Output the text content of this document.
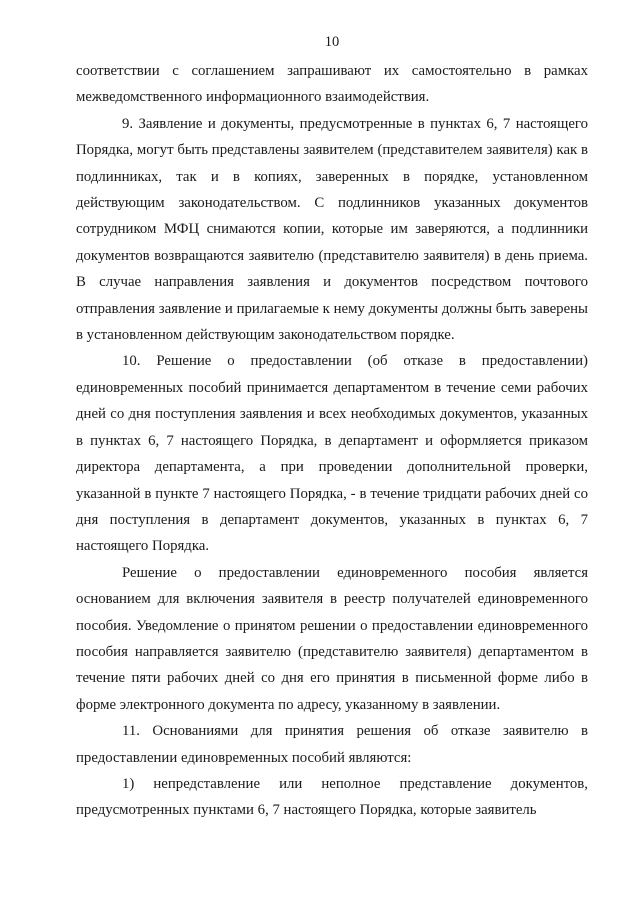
10

соответствии с соглашением запрашивают их самостоятельно в рамках межведомственного информационного взаимодействия.

9. Заявление и документы, предусмотренные в пунктах 6, 7 настоящего Порядка, могут быть представлены заявителем (представителем заявителя) как в подлинниках, так и в копиях, заверенных в порядке, установленном действующим законодательством. С подлинников указанных документов сотрудником МФЦ снимаются копии, которые им заверяются, а подлинники документов возвращаются заявителю (представителю заявителя) в день приема. В случае направления заявления и документов посредством почтового отправления заявление и прилагаемые к нему документы должны быть заверены в установленном действующим законодательством порядке.

10. Решение о предоставлении (об отказе в предоставлении) единовременных пособий принимается департаментом в течение семи рабочих дней со дня поступления заявления и всех необходимых документов, указанных в пунктах 6, 7 настоящего Порядка, в департамент и оформляется приказом директора департамента, а при проведении дополнительной проверки, указанной в пункте 7 настоящего Порядка, - в течение тридцати рабочих дней со дня поступления в департамент документов, указанных в пунктах 6, 7 настоящего Порядка.

Решение о предоставлении единовременного пособия является основанием для включения заявителя в реестр получателей единовременного пособия. Уведомление о принятом решении о предоставлении единовременного пособия направляется заявителю (представителю заявителя) департаментом в течение пяти рабочих дней со дня его принятия в письменной форме либо в форме электронного документа по адресу, указанному в заявлении.

11. Основаниями для принятия решения об отказе заявителю в предоставлении единовременных пособий являются:

1) непредставление или неполное представление документов, предусмотренных пунктами 6, 7 настоящего Порядка, которые заявитель
